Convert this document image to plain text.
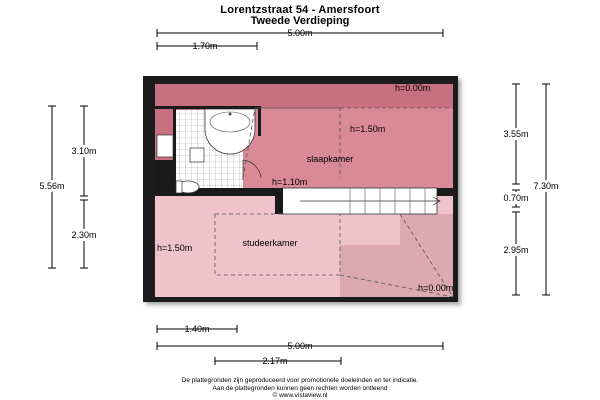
Lorentzstraat 54 - Amersfoort
Tweede Verdieping
slaapkamer
studeerkamer
h=0.00m
h=1.50m
h=1.10m
h=1.50m
h=0.00m
5.00m
1.70m
1.40m
5.00m
2.17m
5.56m
3.10m
2.30m
3.55m
0.70m
2.95m
7.30m
De plattegronden zijn geproduceerd voor promotionele doeleinden en ter indicatie.
Aan de plattegronden kunnen geen rechten worden ontleend
© www.vistaview.nl
